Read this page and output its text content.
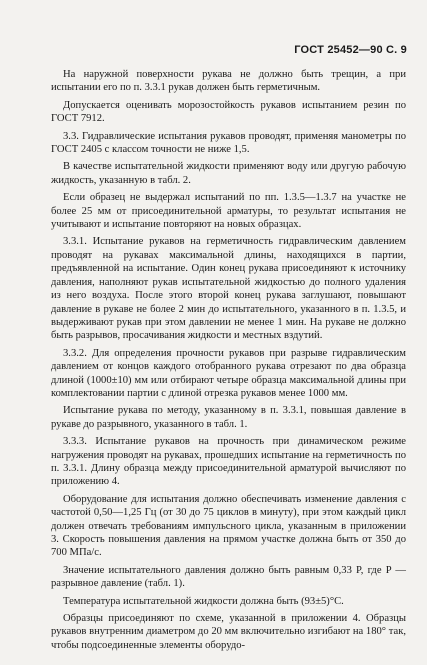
ГОСТ 25452—90 С. 9

На наружной поверхности рукава не должно быть трещин, а при испытании его по п. 3.3.1 рукав должен быть герметичным.

Допускается оценивать морозостойкость рукавов испытанием резин по ГОСТ 7912.

3.3. Гидравлические испытания рукавов проводят, применяя манометры по ГОСТ 2405 с классом точности не ниже 1,5.

В качестве испытательной жидкости применяют воду или другую рабочую жидкость, указанную в табл. 2.

Если образец не выдержал испытаний по пп. 1.3.5—1.3.7 на участке не более 25 мм от присоединительной арматуры, то результат испытания не учитывают и испытание повторяют на новых образцах.

3.3.1. Испытание рукавов на герметичность гидравлическим давлением проводят на рукавах максимальной длины, находящихся в партии, предъявленной на испытание. Один конец рукава присоединяют к источнику давления, наполняют рукав испытательной жидкостью до полного удаления из него воздуха. После этого второй конец рукава заглушают, повышают давление в рукаве не более 2 мин до испытательного, указанного в п. 1.3.5, и выдерживают рукав при этом давлении не менее 1 мин. На рукаве не должно быть разрывов, просачивания жидкости и местных вздутий.

3.3.2. Для определения прочности рукавов при разрыве гидравлическим давлением от концов каждого отобранного рукава отрезают по два образца длиной (1000±10) мм или отбирают четыре образца максимальной длины при комплектовании партии с длиной отрезка рукавов менее 1000 мм.

Испытание рукава по методу, указанному в п. 3.3.1, повышая давление в рукаве до разрывного, указанного в табл. 1.

3.3.3. Испытание рукавов на прочность при динамическом режиме нагружения проводят на рукавах, прошедших испытание на герметичность по п. 3.3.1. Длину образца между присоединительной арматурой вычисляют по приложению 4.

Оборудование для испытания должно обеспечивать изменение давления с частотой 0,50—1,25 Гц (от 30 до 75 циклов в минуту), при этом каждый цикл должен отвечать требованиям импульсного цикла, указанным в приложении 3. Скорость повышения давления на прямом участке должна быть от 350 до 700 МПа/с.

Значение испытательного давления должно быть равным 0,33 P, где P — разрывное давление (табл. 1).

Температура испытательной жидкости должна быть (93±5)°С.

Образцы присоединяют по схеме, указанной в приложении 4. Образцы рукавов внутренним диаметром до 20 мм включительно изгибают на 180° так, чтобы подсоединенные элементы оборудо-
